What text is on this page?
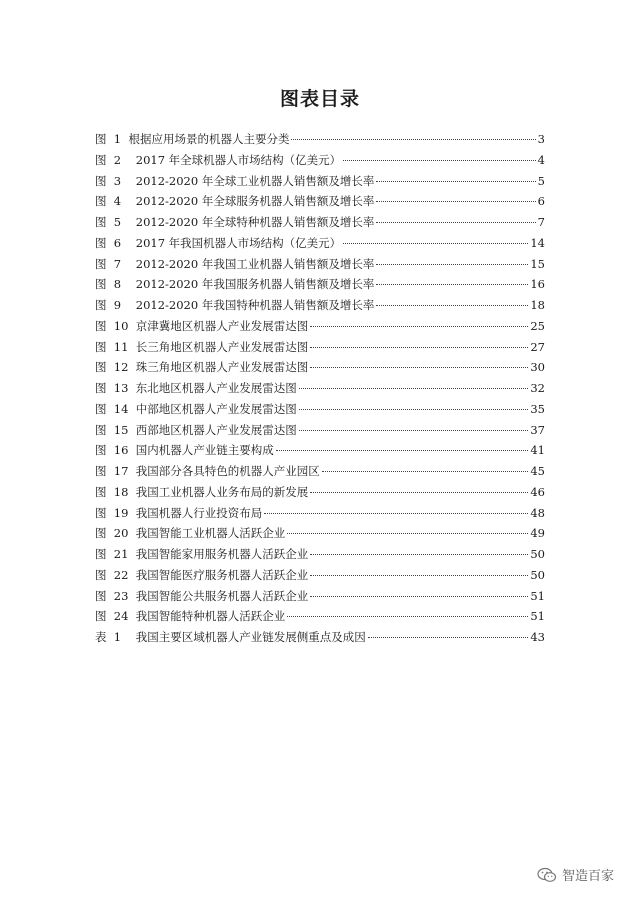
图表目录
图  1 根据应用场景的机器人主要分类	3
图  2 2017 年全球机器人市场结构（亿美元）	4
图  3 2012-2020 年全球工业机器人销售额及增长率	5
图  4 2012-2020 年全球服务机器人销售额及增长率	6
图  5 2012-2020 年全球特种机器人销售额及增长率	7
图  6 2017 年我国机器人市场结构（亿美元）	14
图  7 2012-2020 年我国工业机器人销售额及增长率	15
图  8 2012-2020 年我国服务机器人销售额及增长率	16
图  9 2012-2020 年我国特种机器人销售额及增长率	18
图  10 京津冀地区机器人产业发展雷达图	25
图  11 长三角地区机器人产业发展雷达图	27
图  12 珠三角地区机器人产业发展雷达图	30
图  13 东北地区机器人产业发展雷达图	32
图  14 中部地区机器人产业发展雷达图	35
图  15 西部地区机器人产业发展雷达图	37
图  16 国内机器人产业链主要构成	41
图  17 我国部分各具特色的机器人产业园区	45
图  18 我国工业机器人业务布局的新发展	46
图  19 我国机器人行业投资布局	48
图  20 我国智能工业机器人活跃企业	49
图  21 我国智能家用服务机器人活跃企业	50
图  22 我国智能医疗服务机器人活跃企业	50
图  23 我国智能公共服务机器人活跃企业	51
图  24 我国智能特种机器人活跃企业	51
表  1 我国主要区域机器人产业链发展侧重点及成因	43
智造百家
